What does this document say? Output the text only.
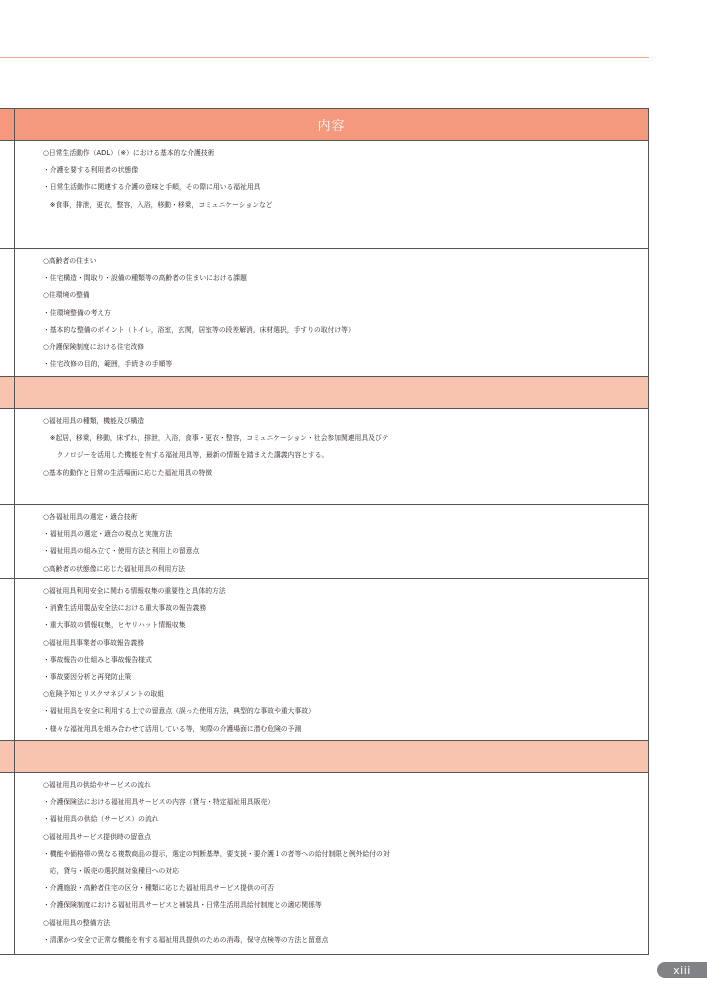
内容
○日常生活動作（ADL）（※）における基本的な介護技術
・介護を要する利用者の状態像
・日常生活動作に関連する介護の意味と手順，その際に用いる福祉用具
　※食事，排泄，更衣，整容，入浴，移動・移乗，コミュニケーションなど
○高齢者の住まい
・住宅構造・間取り・設備の種類等の高齢者の住まいにおける課題
○住環境の整備
・住環境整備の考え方
・基本的な整備のポイント（トイレ，浴室，玄関，居室等の段差解消，床材選択，手すりの取付け等）
○介護保険制度における住宅改修
・住宅改修の目的，範囲，手続きの手順等
○福祉用具の種類，機能及び構造
　※起居，移乗，移動，床ずれ，排泄，入浴，食事・更衣・整容，コミュニケーション・社会参加関連用具及びテ
　　クノロジーを活用した機能を有する福祉用具等，最新の情報を踏まえた講義内容とする。
○基本的動作と日常の生活場面に応じた福祉用具の特徴
○各福祉用具の選定・適合技術
・福祉用具の選定・適合の視点と実施方法
・福祉用具の組み立て・使用方法と利用上の留意点
○高齢者の状態像に応じた福祉用具の利用方法
○福祉用具利用安全に関わる情報収集の重要性と具体的方法
・消費生活用製品安全法における重大事故の報告義務
・重大事故の情報収集，ヒヤリハット情報収集
○福祉用具事業者の事故報告義務
・事故報告の仕組みと事故報告様式
・事故要因分析と再発防止策
○危険予知とリスクマネジメントの取組
・福祉用具を安全に利用する上での留意点（誤った使用方法，典型的な事故や重大事故）
・様々な福祉用具を組み合わせて活用している等，実際の介護場面に潜む危険の予測
○福祉用具の供給やサービスの流れ
・介護保険法における福祉用具サービスの内容（貸与・特定福祉用具販売）
・福祉用具の供給（サービス）の流れ
○福祉用具サービス提供時の留意点
・機能や価格帯の異なる複数商品の提示，選定の判断基準，要支援・要介護１の者等への給付制限と例外給付の対
　応，貸与・販売の選択制対象種目への対応
・介護施設・高齢者住宅の区分・種類に応じた福祉用具サービス提供の可否
・介護保険制度における福祉用具サービスと補装具・日常生活用具給付制度との適応関係等
○福祉用具の整備方法
・清潔かつ安全で正常な機能を有する福祉用具提供のための消毒，保守点検等の方法と留意点
xiii
